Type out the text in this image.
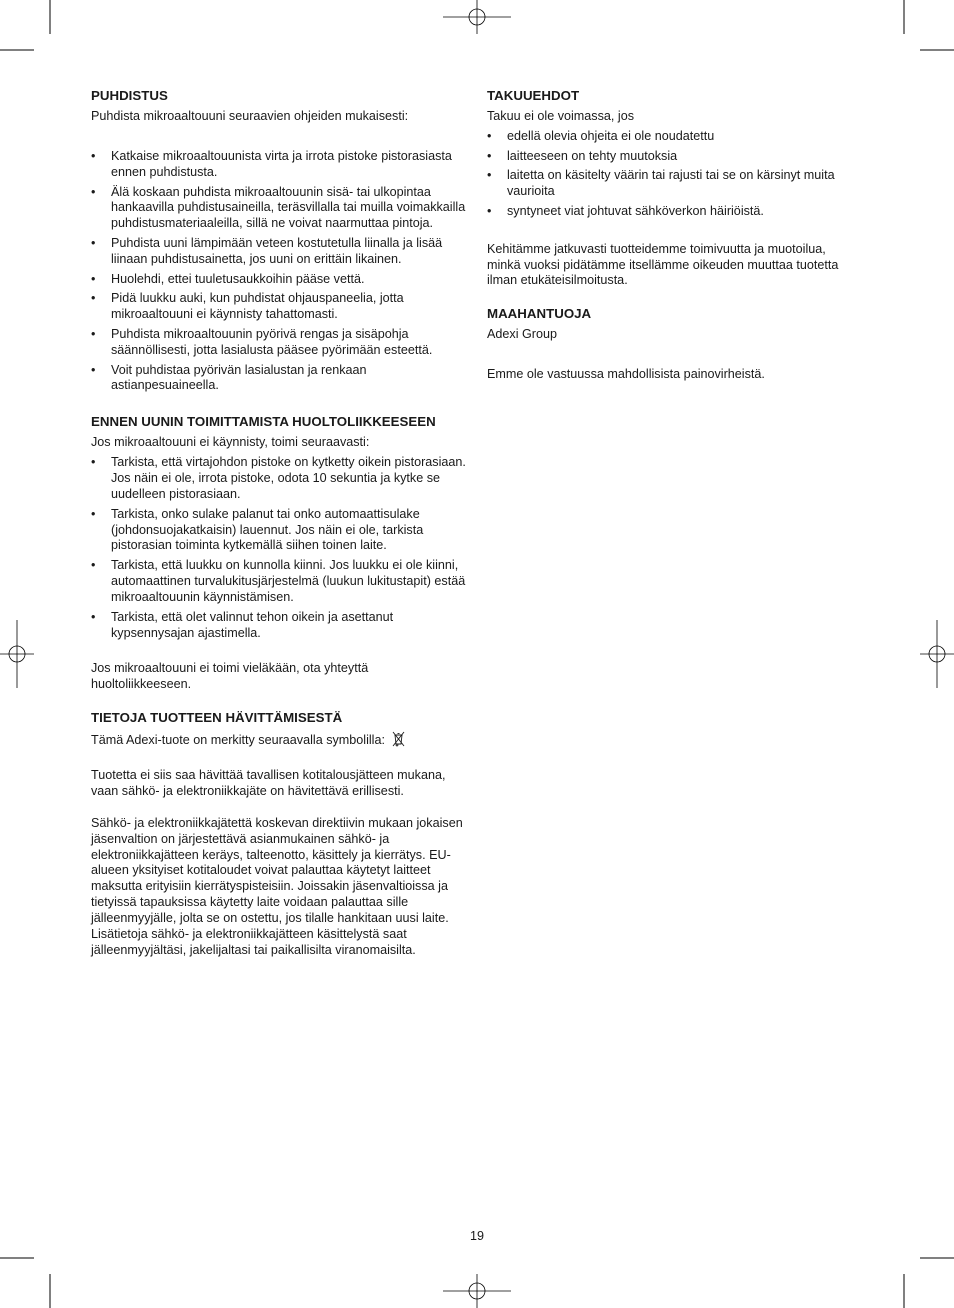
PUHDISTUS

Puhdista mikroaaltouuni seuraavien ohjeiden mukaisesti:

• Katkaise mikroaaltouunista virta ja irrota pistoke pistorasiasta ennen puhdistusta.
• Älä koskaan puhdista mikroaaltouunin sisä- tai ulkopintaa hankaavilla puhdistusaineilla, teräsvillalla tai muilla voimakkailla puhdistusmateriaaleilla, sillä ne voivat naarmuttaa pintoja.
• Puhdista uuni lämpimään veteen kostutetulla liinalla ja lisää liinaan puhdistusainetta, jos uuni on erittäin likainen.
• Huolehdi, ettei tuuletusaukkoihin pääse vettä.
• Pidä luukku auki, kun puhdistat ohjauspaneelia, jotta mikroaaltouuni ei käynnisty tahattomasti.
• Puhdista mikroaaltouunin pyörivä rengas ja sisäpohja säännöllisesti, jotta lasialusta pääsee pyörimään esteettä.
• Voit puhdistaa pyörivän lasialustan ja renkaan astianpesuaineella.
ENNEN UUNIN TOIMITTAMISTA HUOLTOLIIKKEESEEN

Jos mikroaaltouuni ei käynnisty, toimi seuraavasti:

• Tarkista, että virtajohdon pistoke on kytketty oikein pistorasiaan. Jos näin ei ole, irrota pistoke, odota 10 sekuntia ja kytke se uudelleen pistorasiaan.
• Tarkista, onko sulake palanut tai onko automaattisulake (johdonsuojakatkaisin) lauennut. Jos näin ei ole, tarkista pistorasian toiminta kytkemällä siihen toinen laite.
• Tarkista, että luukku on kunnolla kiinni. Jos luukku ei ole kiinni, automaattinen turvalukitusjärjestelmä (luukun lukitustapit) estää mikroaaltouunin käynnistämisen.
• Tarkista, että olet valinnut tehon oikein ja asettanut kypsennysajan ajastimella.

Jos mikroaaltouuni ei toimi vieläkään, ota yhteyttä huoltoliikkeeseen.

TIETOJA TUOTTEEN HÄVITTÄMISESTÄ

Tämä Adexi-tuote on merkitty seuraavalla symbolilla:

Tuotetta ei siis saa hävittää tavallisen kotitalousjätteen mukana, vaan sähkö- ja elektroniikkajäte on hävitettävä erillisesti.

Sähkö- ja elektroniikkajätettä koskevan direktiivin mukaan jokaisen jäsenvaltion on järjestettävä asianmukainen sähkö- ja elektroniikkajätteen keräys, talteenotto, käsittely ja kierrätys. EU-alueen yksityiset kotitaloudet voivat palauttaa käytetyt laitteet maksutta erityisiin kierrätyspisteisiin. Joissakin jäsenvaltioissa ja tietyissä tapauksissa käytetty laite voidaan palauttaa sille jälleenmyyjälle, jolta se on ostettu, jos tilalle hankitaan uusi laite. Lisätietoja sähkö- ja elektroniikkajätteen käsittelystä saat jälleenmyyjältäsi, jakelijaltasi tai paikallisilta viranomaisilta.

TAKUUEHDOT

Takuu ei ole voimassa, jos

• edellä olevia ohjeita ei ole noudatettu
• laitteeseen on tehty muutoksia
• laitetta on käsitelty väärin tai rajusti tai se on kärsinyt muita vaurioita
• syntyneet viat johtuvat sähköverkon häiriöistä.

Kehitämme jatkuvasti tuotteidemme toimivuutta ja muotoilua, minkä vuoksi pidätämme itsellämme oikeuden muuttaa tuotetta ilman etukäteisilmoitusta.

MAAHANTUOJA

Adexi Group

Emme ole vastuussa mahdollisista painovirheistä.

19
